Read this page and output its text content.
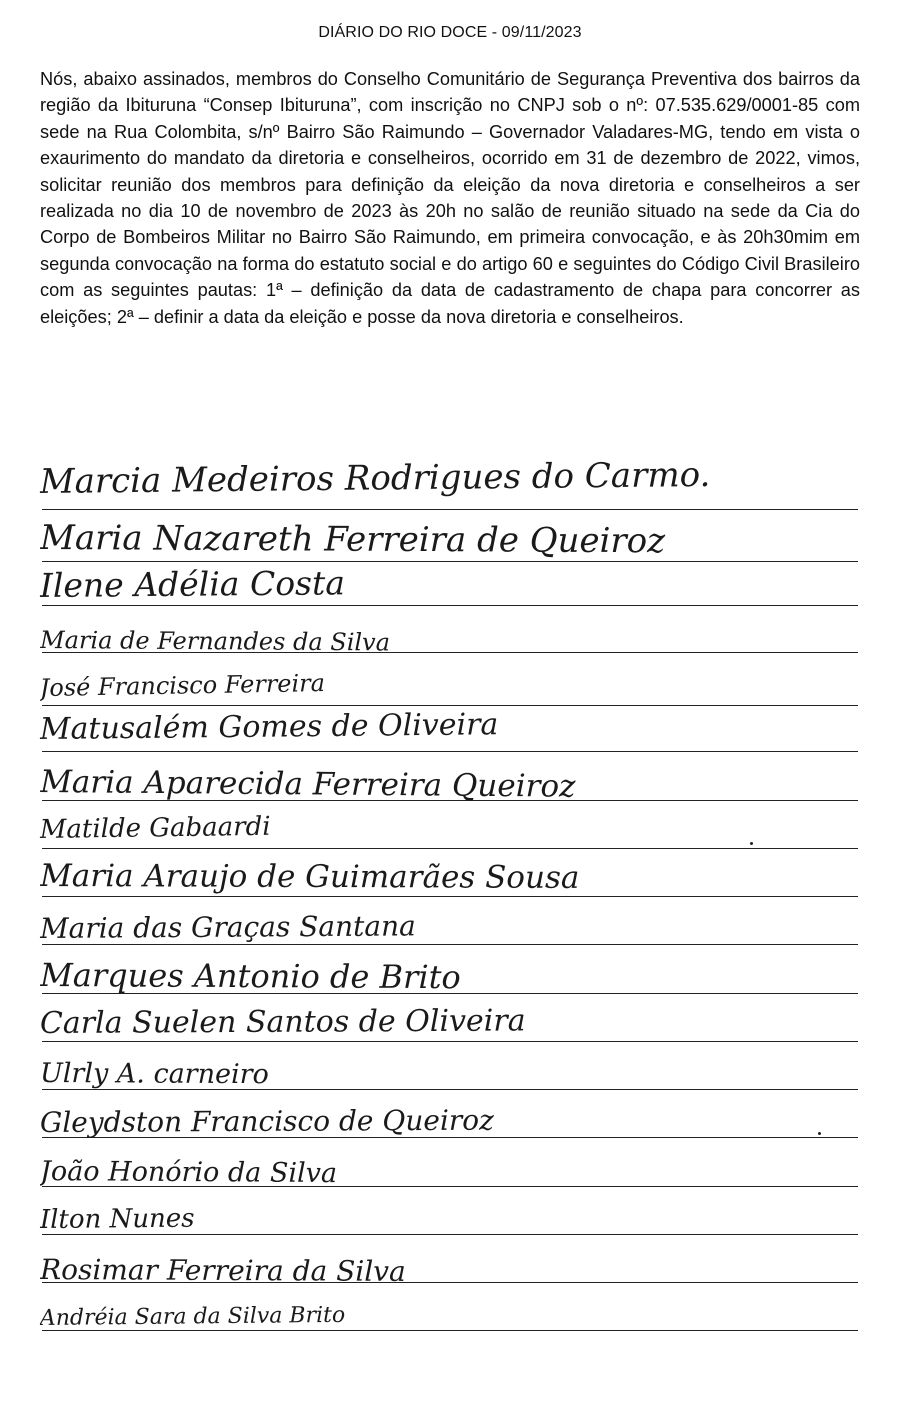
DIÁRIO DO RIO DOCE - 09/11/2023
Nós, abaixo assinados, membros do Conselho Comunitário de Segurança Preventiva dos bairros da região da Ibituruna “Consep Ibituruna”, com inscrição no CNPJ sob o nº: 07.535.629/0001-85 com sede na Rua Colombita, s/nº Bairro São Raimundo – Governador Valadares-MG, tendo em vista o exaurimento do mandato da diretoria e conselheiros, ocorrido em 31 de dezembro de 2022, vimos, solicitar reunião dos membros para definição da eleição da nova diretoria e conselheiros a ser realizada no dia 10 de novembro de 2023 às 20h no salão de reunião situado na sede da Cia do Corpo de Bombeiros Militar no Bairro São Raimundo, em primeira convocação, e às 20h30mim em segunda convocação na forma do estatuto social e do artigo 60 e seguintes do Código Civil Brasileiro com as seguintes pautas: 1ª – definição da data de cadastramento de chapa para concorrer as eleições; 2ª – definir a data da eleição e posse da nova diretoria e conselheiros.
Marcia Medeiros Rodrigues do Carmo.
Maria Nazareth Ferreira de Queiroz
Ilene Adélia Costa
Maria de Fernandes da Silva
José Francisco Ferreira
Matusalém Gomes de Oliveira
Maria Aparecida Ferreira Queiroz
Matilde Gabaardi
Maria Araujo de Guimarães Sousa
Maria das Graças Santana
Marques Antonio de Brito
Carla Suelen Santos de Oliveira
Ulrly A. carneiro
Gleydston Francisco de Queiroz
João Honório da Silva
Ilton Nunes
Rosimar Ferreira da Silva
Andréia Sara da Silva Brito
